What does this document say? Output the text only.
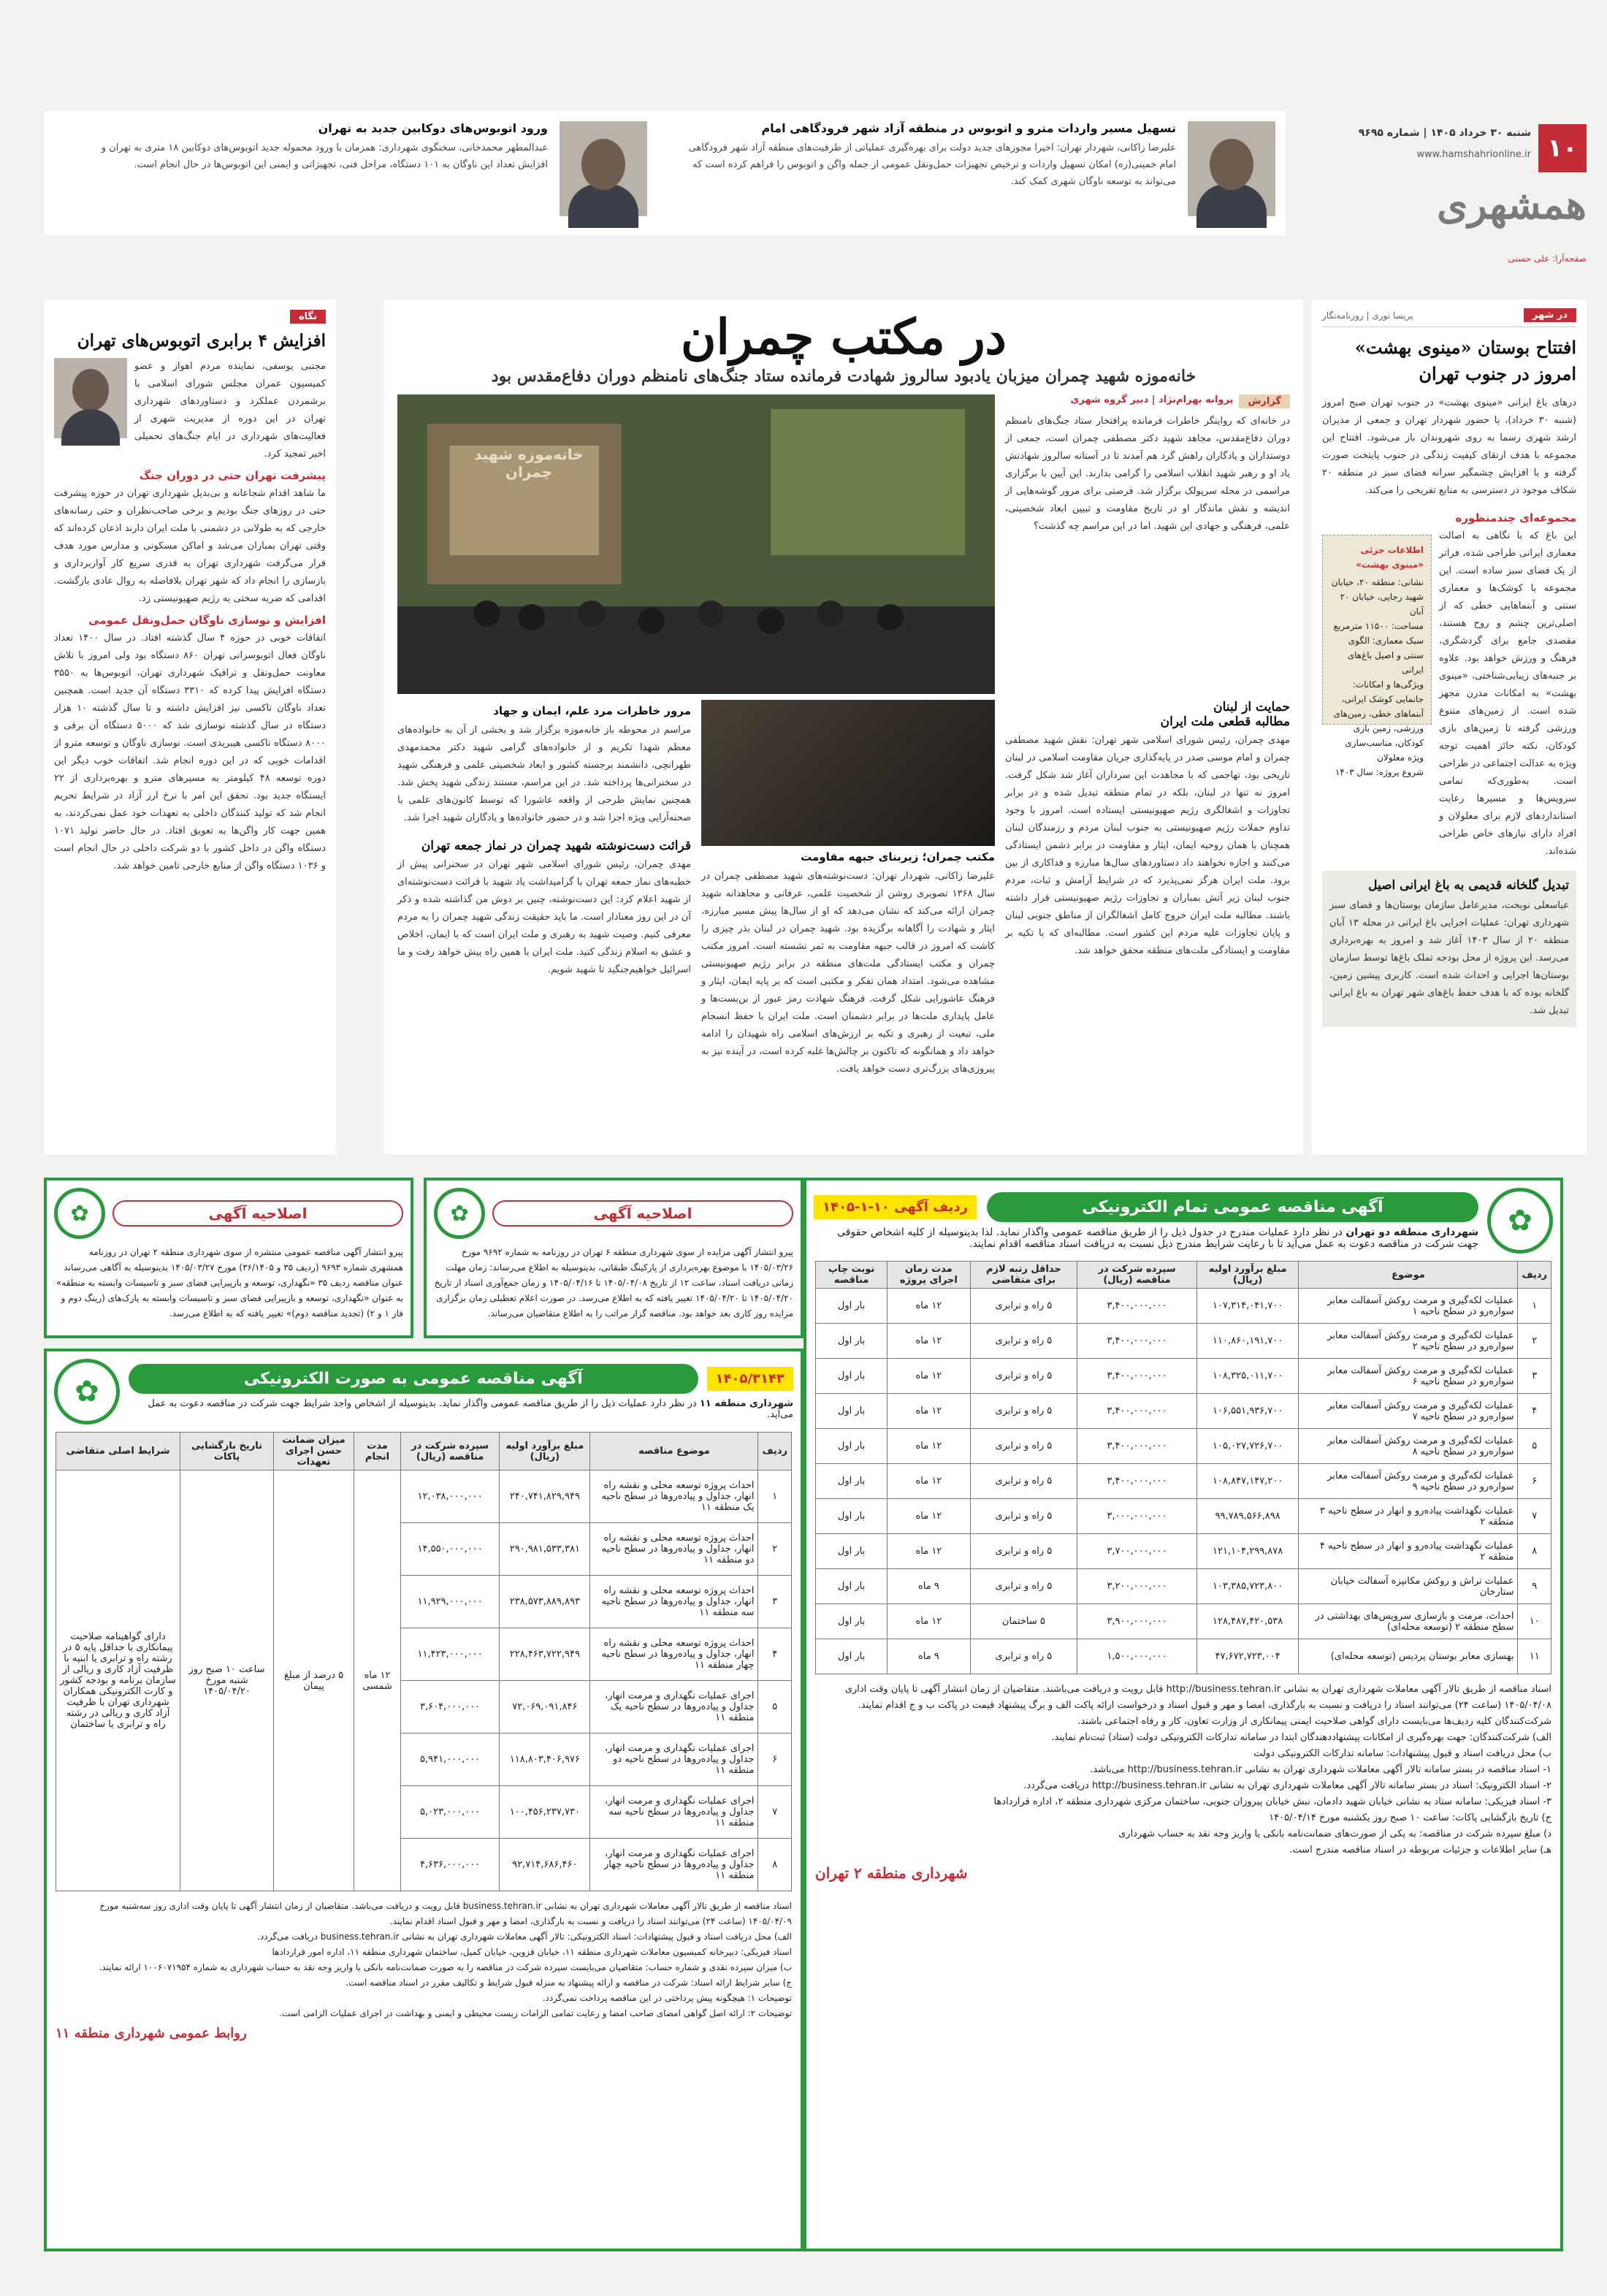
۱۰
شنبه ۳۰ خرداد ۱۴۰۵ | شماره ۹۶۹۵
www.hamshahrionline.ir
همشهری
صفحه‌آرا: علی حسنی
تسهیل مسیر واردات مترو و اتوبوس در منطقه آزاد شهر فرودگاهی امام
علیرضا زاکانی، شهردار تهران: اخیرا مجوزهای جدید دولت برای بهره‌گیری عملیاتی از ظرفیت‌های منطقه آزاد شهر فرودگاهی امام خمینی(ره) امکان تسهیل واردات و ترخیص تجهیزات حمل‌ونقل عمومی از جمله واگن و اتوبوس را فراهم کرده است که می‌تواند به توسعه ناوگان شهری کمک کند.
ورود اتوبوس‌های دوکابین جدید به تهران
عبدالمطهر محمدخانی، سخنگوی شهرداری: همزمان با ورود محموله جدید اتوبوس‌های دوکابین ۱۸ متری به تهران و افزایش تعداد این ناوگان به ۱۰۱ دستگاه، مراحل فنی، تجهیزاتی و ایمنی این اتوبوس‌ها در حال انجام است.
در شهر
پریسا نوری | روزنامه‌نگار
افتتاح بوستان «مینوی بهشت» امروز در جنوب تهران
درهای باغ ایرانی «مینوی بهشت» در جنوب تهران صبح امروز (شنبه ۳۰ خرداد)، با حضور شهردار تهران و جمعی از مدیران ارشد شهری رسما به روی شهروندان باز می‌شود. افتتاح این مجموعه با هدف ارتقای کیفیت زندگی در جنوب پایتخت صورت گرفته و با افزایش چشمگیر سرانه فضای سبز در منطقه ۲۰ شکاف موجود در دسترسی به منابع تفریحی را می‌کند.
مجموعه‌ای چندمنظوره
این باغ که با نگاهی به اصالت معماری ایرانی طراحی شده، فراتر از یک فضای سبز ساده است. این مجموعه با کوشک‌ها و معماری سنتی و آبنماهایی خطی که از اصلی‌ترین چشم و روح هستند، مقصدی جامع برای گردشگری، فرهنگ و ورزش خواهد بود. علاوه بر جنبه‌های زیبایی‌شناختی، «مینوی بهشت» به امکانات مدرن مجهز شده است. از زمین‌های متنوع ورزشی گرفته تا زمین‌های بازی کودکان، نکته حائز اهمیت توجه ویژه به عدالت اجتماعی در طراحی است. به‌طوری‌که تمامی سرویس‌ها و مسیرها رعایت استانداردهای لازم برای معلولان و افراد دارای نیازهای خاص طراحی شده‌اند.
اطلاعات جزئی «مینوی بهشت»
نشانی: منطقه ۲۰، خیابان شهید رجایی، خیابان ۲۰ آبان
مساحت: ۱۱۵۰۰ مترمربع
سبک معماری: الگوی سنتی و اصیل باغ‌های ایرانی
ویژگی‌ها و امکانات: جانمایی کوشک ایرانی، آبنماهای خطی، زمین‌های ورزشی، زمین بازی کودکان، مناسب‌سازی ویژه معلولان
شروع پروژه: سال ۱۴۰۳
تبدیل گلخانه قدیمی به باغ ایرانی اصیل
عباسعلی نوبخت، مدیرعامل سازمان بوستان‌ها و فضای سبز شهرداری تهران: عملیات اجرایی باغ ایرانی در محله ۱۳ آبان منطقه ۲۰ از سال ۱۴۰۳ آغاز شد و امروز به بهره‌برداری می‌رسد. این پروژه از محل بودجه تملک باغ‌ها توسط سازمان بوستان‌ها اجرایی و احداث شده است. کاربری پیشین زمین، گلخانه بوده که با هدف حفظ باغ‌های شهر تهران به باغ ایرانی تبدیل شد.
در مکتب چمران
خانه‌موزه شهید چمران میزبان یادبود سالروز شهادت فرمانده ستاد جنگ‌های نامنظم دوران دفاع‌مقدس بود
گزارش
پروانه بهرام‌نژاد | دبیر گروه شهری
در خانه‌ای که روایتگر خاطرات فرمانده پرافتخار ستاد جنگ‌های نامنظم دوران دفاع‌مقدس، مجاهد شهید دکتر مصطفی چمران است، جمعی از دوستداران و یادگاران راهش گرد هم آمدند تا در آستانه سالروز شهادتش یاد او و رهبر شهید انقلاب اسلامی را گرامی بدارند. این آیین با برگزاری مراسمی در محله سرپولک برگزار شد. فرصتی برای مرور گوشه‌هایی از اندیشه و نقش ماندگار او در تاریخ مقاومت و تبیین ابعاد شخصیتی، علمی، فرهنگی و جهادی این شهید. اما در این مراسم چه گذشت؟
خانه‌موزه شهید چمران
حمایت از لبنان
مطالبه قطعی ملت ایران
مهدی چمران، رئیس شورای اسلامی شهر تهران: نقش شهید مصطفی چمران و امام موسی صدر در پایه‌گذاری جریان مقاومت اسلامی در لبنان تاریخی بود، تهاجمی که با مجاهدت این سرداران آغاز شد شکل گرفت. امروز نه تنها در لبنان، بلکه در تمام منطقه تبدیل شده و در برابر تجاوزات و اشغالگری رژیم صهیونیستی ایستاده است. امروز با وجود تداوم حملات رژیم صهیونیستی به جنوب لبنان مردم و رزمندگان لبنان همچنان با همان روحیه ایمان، ایثار و مقاومت در برابر دشمن ایستادگی می‌کنند و اجازه نخواهند داد دستاوردهای سال‌ها مبارزه و فداکاری از بین برود. ملت ایران هرگز نمی‌پذیرد که در شرایط آرامش و ثبات، مردم جنوب لبنان زیر آتش بمباران و تجاوزات رژیم صهیونیستی قرار داشته باشند. مطالبه ملت ایران خروج کامل اشغالگران از مناطق جنوبی لبنان و پایان تجاوزات علیه مردم این کشور است. مطالبه‌ای که با تکیه بر مقاومت و ایستادگی ملت‌های منطقه محقق خواهد شد.
مکتب چمران؛ زیربنای جبهه مقاومت
علیرضا زاکانی، شهردار تهران: دست‌نوشته‌های شهید مصطفی چمران در سال ۱۳۶۸ تصویری روشن از شخصیت علمی، عرفانی و مجاهدانه شهید چمران ارائه می‌کند که نشان می‌دهد که او از سال‌ها پیش مسیر مبارزه، ایثار و شهادت را آگاهانه برگزیده بود. شهید چمران در لبنان بذر چیزی را کاشت که امروز در قالب جبهه مقاومت به ثمر نشسته است. امروز مکتب چمران و مکتب ایستادگی ملت‌های منطقه در برابر رژیم صهیونیستی مشاهده می‌شود. امتداد همان تفکر و مکتبی است که بر پایه ایمان، ایثار و فرهنگ عاشورایی شکل گرفت. فرهنگ شهادت رمز عبور از بن‌بست‌ها و عامل پایداری ملت‌ها در برابر دشمنان است. ملت ایران با حفظ انسجام ملی، تبعیت از رهبری و تکیه بر ارزش‌های اسلامی راه شهیدان را ادامه خواهد داد و همانگونه که تاکنون بر چالش‌ها غلبه کرده است، در آینده نیز به پیروزی‌های بزرگ‌تری دست خواهد یافت.
مرور خاطرات مرد علم، ایمان و جهاد
مراسم در محوطه باز خانه‌موزه برگزار شد و بخشی از آن به خانواده‌های معظم شهدا تکریم و از خانواده‌های گرامی شهید دکتر محمدمهدی طهرانچی، دانشمند برجسته کشور و ابعاد شخصیتی علمی و فرهنگی شهید در سخنرانی‌ها پرداخته شد. در این مراسم، مستند زندگی شهید پخش شد. همچنین نمایش طرحی از واقعه عاشورا که توسط کانون‌های علمی با صحنه‌آرایی ویژه اجرا شد و در حضور خانواده‌ها و یادگاران شهید اجرا شد.
قرائت دست‌نوشته شهید چمران در نماز جمعه تهران
مهدی چمران، رئیس شورای اسلامی شهر تهران در سخنرانی پیش از خطبه‌های نماز جمعه تهران با گرامیداشت یاد شهید با قرائت دست‌نوشته‌ای از شهید اعلام کرد: این دست‌نوشته، چنین بر دوش من گذاشته شده و ذکر آن در این روز معنادار است. ما باید حقیقت زندگی شهید چمران را به مردم معرفی کنیم. وصیت شهید به رهبری و ملت ایران است که با ایمان، اخلاص و عشق به اسلام زندگی کنید. ملت ایران با همین راه پیش خواهد رفت و ما اسرائیل خواهیم‌جنگید تا شهید شویم.
نگاه
افزایش ۴ برابری اتوبوس‌های تهران
مجتبی یوسفی، نماینده مردم اهواز و عضو کمیسیون عمران مجلس شورای اسلامی با برشمردن عملکرد و دستاوردهای شهرداری تهران در این دوره از مدیریت شهری از فعالیت‌های شهرداری در ایام جنگ‌های تحمیلی اخیر تمجید کرد.
پیشرفت تهران حتی در دوران جنگ
ما شاهد اقدام شجاعانه و بی‌بدیل شهرداری تهران در حوزه پیشرفت حتی در روزهای جنگ بودیم و برخی صاحب‌نظران و حتی رسانه‌های خارجی که به طولانی در دشمنی با ملت ایران دارند اذعان کرده‌اند که وقتی تهران بمباران می‌شد و اماکن مسکونی و مدارس مورد هدف قرار می‌گرفت شهرداری تهران به قدری سریع کار آواربرداری و بازسازی را انجام داد که شهر تهران بلافاصله به روال عادی بازگشت. اقدامی که ضربه سختی به رژیم صهیونیستی زد.
افزایش و نوسازی ناوگان حمل‌ونقل عمومی
اتفاقات خوبی در حوزه ۴ سال گذشته افتاد. در سال ۱۴۰۰ تعداد ناوگان فعال اتوبوسرانی تهران ۸۶۰ دستگاه بود ولی امروز با تلاش معاونت حمل‌ونقل و ترافیک شهرداری تهران، اتوبوس‌ها به ۳۵۵۰ دستگاه افزایش پیدا کرده که ۳۳۱۰ دستگاه آن جدید است. همچنین تعداد ناوگان تاکسی نیز افزایش داشته و تا سال گذشته ۱۰ هزار دستگاه در سال گذشته نوسازی شد که ۵۰۰۰ دستگاه آن برقی و ۸۰۰۰ دستگاه تاکسی هیبریدی است. نوسازی ناوگان و توسعه مترو از اقدامات خوبی که در این دوره انجام شد. اتفاقات خوب دیگر این دوره توسعه ۴۸ کیلومتر به مسیرهای مترو و بهره‌برداری از ۲۲ ایستگاه جدید بود. تحقق این امر با نرخ ارز آزاد در شرایط تحریم انجام شد که تولید کنندگان داخلی به تعهدات خود عمل نمی‌کردند، به همین جهت کار واگن‌ها به تعویق افتاد. در حال حاضر تولید ۱۰۷۱ دستگاه واگن در داخل کشور با دو شرکت داخلی در حال انجام است و ۱۰۳۶ دستگاه واگن از منابع خارجی تامین خواهد شد.
✿
آگهی مناقصه عمومی تمام الکترونیکی
ردیف آگهی ۱۰-۱-۱۴۰۵
شهرداری منطقه دو تهران در نظر دارد عملیات مندرج در جدول ذیل را از طریق مناقصه عمومی واگذار نماید. لذا بدینوسیله از کلیه اشخاص حقوقی جهت شرکت در مناقصه دعوت به عمل می‌آید تا با رعایت شرایط مندرج ذیل نسبت به دریافت اسناد مناقصه اقدام نمایند.
ردیف	موضوع	مبلغ برآورد اولیه (ریال)	سپرده شرکت در مناقصه (ریال)	حداقل رتبه لازم برای متقاضی	مدت زمان اجرای پروژه	نوبت چاپ مناقصه
۱	عملیات لکه‌گیری و مرمت روکش آسفالت معابر سواره‌رو در سطح ناحیه ۱	۱۰۷,۳۱۴,۰۴۱,۷۰۰	۳,۴۰۰,۰۰۰,۰۰۰	۵ راه و ترابری	۱۲ ماه	بار اول
۲	عملیات لکه‌گیری و مرمت روکش آسفالت معابر سواره‌رو در سطح ناحیه ۲	۱۱۰,۸۶۰,۱۹۱,۷۰۰	۳,۴۰۰,۰۰۰,۰۰۰	۵ راه و ترابری	۱۲ ماه	بار اول
۳	عملیات لکه‌گیری و مرمت روکش آسفالت معابر سواره‌رو در سطح ناحیه ۶	۱۰۸,۳۲۵,۰۱۱,۷۰۰	۳,۴۰۰,۰۰۰,۰۰۰	۵ راه و ترابری	۱۲ ماه	بار اول
۴	عملیات لکه‌گیری و مرمت روکش آسفالت معابر سواره‌رو در سطح ناحیه ۷	۱۰۶,۵۵۱,۹۳۶,۷۰۰	۳,۴۰۰,۰۰۰,۰۰۰	۵ راه و ترابری	۱۲ ماه	بار اول
۵	عملیات لکه‌گیری و مرمت روکش آسفالت معابر سواره‌رو در سطح ناحیه ۸	۱۰۵,۰۲۷,۷۲۶,۷۰۰	۳,۴۰۰,۰۰۰,۰۰۰	۵ راه و ترابری	۱۲ ماه	بار اول
۶	عملیات لکه‌گیری و مرمت روکش آسفالت معابر سواره‌رو در سطح ناحیه ۹	۱۰۸,۸۴۷,۱۴۷,۲۰۰	۳,۴۰۰,۰۰۰,۰۰۰	۵ راه و ترابری	۱۲ ماه	بار اول
۷	عملیات نگهداشت پیاده‌رو و انهار در سطح ناحیه ۳ منطقه ۲	۹۹,۷۸۹,۵۶۶,۸۹۸	۳,۰۰۰,۰۰۰,۰۰۰	۵ راه و ترابری	۱۲ ماه	بار اول
۸	عملیات نگهداشت پیاده‌رو و انهار در سطح ناحیه ۴ منطقه ۲	۱۲۱,۱۰۴,۲۹۹,۸۷۸	۳,۷۰۰,۰۰۰,۰۰۰	۵ راه و ترابری	۱۲ ماه	بار اول
۹	عملیات تراش و روکش مکانیزه آسفالت خیابان ستارخان	۱۰۳,۳۸۵,۷۲۳,۸۰۰	۳,۲۰۰,۰۰۰,۰۰۰	۵ راه و ترابری	۹ ماه	بار اول
۱۰	احداث، مرمت و بازسازی سرویس‌های بهداشتی در سطح منطقه ۲ (توسعه محله‌ای)	۱۲۸,۴۸۷,۴۲۰,۵۳۸	۳,۹۰۰,۰۰۰,۰۰۰	۵ ساختمان	۱۲ ماه	بار اول
۱۱	بهسازی معابر بوستان پردیس (توسعه محله‌ای)	۴۷,۶۷۲,۷۲۳,۰۰۴	۱,۵۰۰,۰۰۰,۰۰۰	۵ راه و ترابری	۹ ماه	بار اول
اسناد مناقصه از طریق تالار آگهی معاملات شهرداری تهران به نشانی http://business.tehran.ir قابل رویت و دریافت می‌باشند. متقاضیان از زمان انتشار آگهی تا پایان وقت اداری ۱۴۰۵/۰۴/۰۸ (ساعت ۲۴) می‌توانند اسناد را دریافت و نسبت به بارگذاری، امضا و مهر و قبول اسناد و درخواست ارائه پاکت الف و برگ پیشنهاد قیمت در پاکت ب و ج اقدام نمایند.
شرکت‌کنندگان کلیه ردیف‌ها می‌بایست دارای گواهی صلاحیت ایمنی پیمانکاری از وزارت تعاون، کار و رفاه اجتماعی باشند.
الف) شرکت‌کنندگان: جهت بهره‌گیری از امکانات پیشنهاددهندگان ابتدا در سامانه تدارکات الکترونیکی دولت (ستاد) ثبت‌نام نمایند.
ب) محل دریافت اسناد و قبول پیشنهادات: سامانه تدارکات الکترونیکی دولت
۱- اسناد مناقصه در بستر سامانه تالار آگهی معاملات شهرداری تهران به نشانی http://business.tehran.ir می‌باشد.
۲- اسناد الکترونیک: اسناد در بستر سامانه تالار آگهی معاملات شهرداری تهران به نشانی http://business.tehran.ir دریافت می‌گردد.
۳- اسناد فیزیکی: سامانه ستاد به نشانی خیابان شهید دادمان، نبش خیابان پیروزان جنوبی، ساختمان مرکزی شهرداری منطقه ۲، اداره قراردادها
ج) تاریخ بازگشایی پاکات: ساعت ۱۰ صبح روز یکشنبه مورخ ۱۴۰۵/۰۴/۱۴
د) مبلغ سپرده شرکت در مناقصه: به یکی از صورت‌های ضمانت‌نامه بانکی یا واریز وجه نقد به حساب شهرداری
هـ) سایر اطلاعات و جزئیات مربوطه در اسناد مناقصه مندرج است.
شهرداری منطقه ۲ تهران
اصلاحیه آگهی
✿
پیرو انتشار آگهی مزایده از سوی شهرداری منطقه ۶ تهران در روزنامه به شماره ۹۶۹۲ مورخ ۱۴۰۵/۰۳/۲۶ با موضوع بهره‌برداری از پارکینگ طبقاتی، بدینوسیله به اطلاع می‌رساند: زمان مهلت زمانی دریافت اسناد، ساعت ۱۲ از تاریخ ۱۴۰۵/۰۴/۰۸ تا ۱۴۰۵/۰۴/۱۶ و زمان جمع‌آوری اسناد از تاریخ ۱۴۰۵/۰۴/۲۰ تا ۱۴۰۵/۰۴/۲۰ تغییر یافته که به اطلاع می‌رسد. در صورت اعلام تعطیلی زمان برگزاری مزایده روز کاری بعد خواهد بود. مناقصه گزار مراتب را به اطلاع متقاضیان می‌رساند.
اصلاحیه آگهی
✿
پیرو انتشار آگهی مناقصه عمومی منتشره از سوی شهرداری منطقه ۲ تهران در روزنامه همشهری شماره ۹۶۹۳ (ردیف ۳۵ و ۳۶/۱۴۰۵) مورخ ۱۴۰۵/۰۳/۲۷ بدینوسیله به آگاهی می‌رساند عنوان مناقصه ردیف ۳۵ «نگهداری، توسعه و بازپیرایی فضای سبز و تاسیسات وابسته به منطقه» به عنوان «نگهداری، توسعه و بازپیرایی فضای سبز و تاسیسات وابسته به پارک‌های (رینگ دوم و فاز ۱ و ۲) (تجدید مناقصه دوم)» تغییر یافته که به اطلاع می‌رسد.
۱۴۰۵/۳۱۴۳
آگهی مناقصه عمومی به صورت الکترونیکی
شهرداری منطقه ۱۱ در نظر دارد عملیات ذیل را از طریق مناقصه عمومی واگذار نماید. بدینوسیله از اشخاص واجد شرایط جهت شرکت در مناقصه دعوت به عمل می‌آید.
✿
ردیف	موضوع مناقصه	مبلغ برآورد اولیه (ریال)	سپرده شرکت در مناقصه (ریال)	مدت انجام	میزان ضمانت حسن اجرای تعهدات	تاریخ بازگشایی پاکات	شرایط اصلی متقاضی
۱	احداث پروژه توسعه محلی و نقشه راه انهار، جداول و پیاده‌روها در سطح ناحیه یک منطقه ۱۱	۲۴۰,۷۴۱,۸۲۹,۹۴۹	۱۲,۰۳۸,۰۰۰,۰۰۰	۱۲ ماه شمسی	۵ درصد از مبلغ پیمان	ساعت ۱۰ صبح روز شنبه مورخ ۱۴۰۵/۰۴/۲۰	دارای گواهینامه صلاحیت پیمانکاری با حداقل پایه ۵ در رشته راه و ترابری یا ابنیه با ظرفیت آزاد کاری و ریالی از سازمان برنامه و بودجه کشور و کارت الکترونیکی همکاران شهرداری تهران با ظرفیت آزاد کاری و ریالی در رشته راه و ترابری یا ساختمان
۲	احداث پروژه توسعه محلی و نقشه راه انهار، جداول و پیاده‌روها در سطح ناحیه دو منطقه ۱۱	۲۹۰,۹۸۱,۵۳۳,۳۸۱	۱۴,۵۵۰,۰۰۰,۰۰۰				
۳	احداث پروژه توسعه محلی و نقشه راه انهار، جداول و پیاده‌روها در سطح ناحیه سه منطقه ۱۱	۲۳۸,۵۷۳,۸۸۹,۸۹۳	۱۱,۹۲۹,۰۰۰,۰۰۰				
۴	احداث پروژه توسعه محلی و نقشه راه انهار، جداول و پیاده‌روها در سطح ناحیه چهار منطقه ۱۱	۲۲۸,۴۶۳,۷۲۲,۹۴۹	۱۱,۴۲۳,۰۰۰,۰۰۰				
۵	اجرای عملیات نگهداری و مرمت انهار، جداول و پیاده‌روها در سطح ناحیه یک منطقه ۱۱	۷۲,۰۶۹,۰۹۱,۸۴۶	۳,۶۰۴,۰۰۰,۰۰۰				
۶	اجرای عملیات نگهداری و مرمت انهار، جداول و پیاده‌روها در سطح ناحیه دو منطقه ۱۱	۱۱۸,۸۰۳,۴۰۶,۹۷۶	۵,۹۴۱,۰۰۰,۰۰۰				
۷	اجرای عملیات نگهداری و مرمت انهار، جداول و پیاده‌روها در سطح ناحیه سه منطقه ۱۱	۱۰۰,۴۵۶,۲۳۷,۷۳۰	۵,۰۲۳,۰۰۰,۰۰۰				
۸	اجرای عملیات نگهداری و مرمت انهار، جداول و پیاده‌روها در سطح ناحیه چهار منطقه ۱۱	۹۲,۷۱۴,۶۸۶,۴۶۰	۴,۶۳۶,۰۰۰,۰۰۰				
اسناد مناقصه از طریق تالار آگهی معاملات شهرداری تهران به نشانی business.tehran.ir قابل رویت و دریافت می‌باشد. متقاضیان از زمان انتشار آگهی تا پایان وقت اداری روز سه‌شنبه مورخ ۱۴۰۵/۰۴/۰۹ (ساعت ۲۴) می‌توانند اسناد را دریافت و نسبت به بارگذاری، امضا و مهر و قبول اسناد اقدام نمایند.
الف) محل دریافت اسناد و قبول پیشنهادات: اسناد الکترونیکی: تالار آگهی معاملات شهرداری تهران به نشانی business.tehran.ir دریافت می‌گردد.
اسناد فیزیکی: دبیرخانه کمیسیون معاملات شهرداری منطقه ۱۱، خیابان قزوین، خیابان کمیل، ساختمان شهرداری منطقه ۱۱، اداره امور قراردادها
ب) میزان سپرده نقدی و شماره حساب: متقاضیان می‌بایست سپرده شرکت در مناقصه را به صورت ضمانت‌نامه بانکی یا واریز وجه نقد به حساب شهرداری به شماره ۱۰۰۶۰۷۱۹۵۴ ارائه نمایند.
ج) سایر شرایط ارائه اسناد: شرکت در مناقصه و ارائه پیشنهاد به منزله قبول شرایط و تکالیف مقرر در اسناد مناقصه است.
توضیحات ۱: هیچگونه پیش پرداختی در این مناقصه پرداخت نمی‌گردد.
توضیحات ۲: ارائه اصل گواهی امضای صاحب امضا و رعایت تمامی الزامات زیست محیطی و ایمنی و بهداشت در اجرای عملیات الزامی است.
روابط عمومی شهرداری منطقه ۱۱
